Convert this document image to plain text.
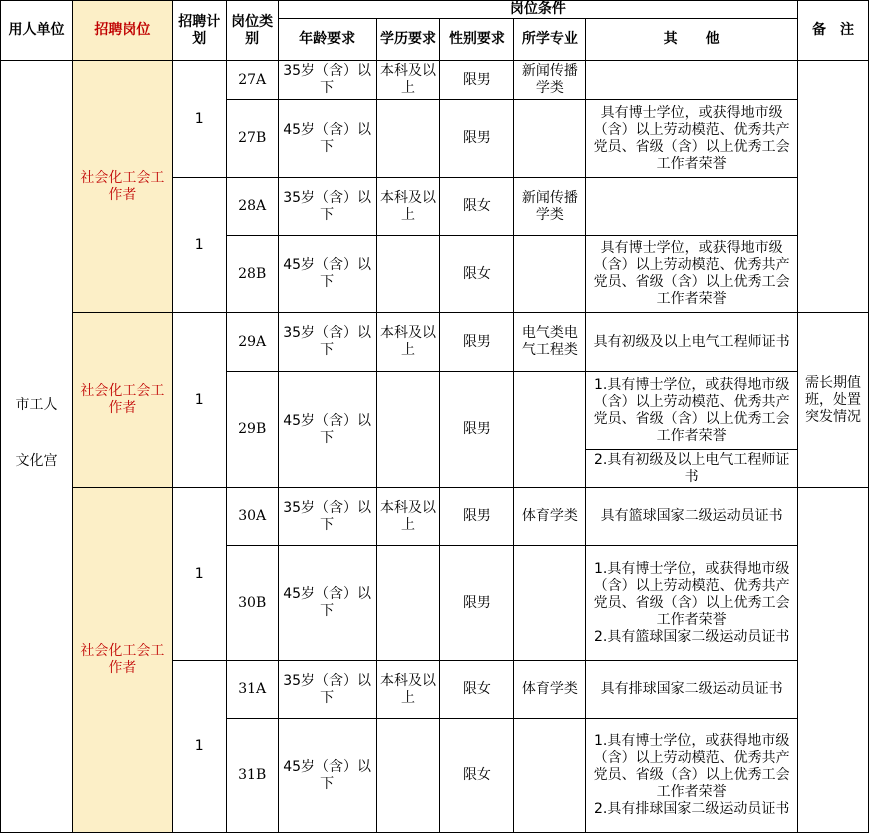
用人单位	招聘岗位	招聘计划	岗位类别	岗位条件					备　注
				年龄要求	学历要求	性别要求	所学专业	其　　他	

市工人
文化宫	社会化工会工作者	1	27A	35岁（含）以下	本科及以上	限男	新闻传播学类		
			27B	45岁（含）以下		限男		具有博士学位，或获得地市级（含）以上劳动模范、优秀共产党员、省级（含）以上优秀工会工作者荣誉	
		1	28A	35岁（含）以下	本科及以上	限女	新闻传播学类		
			28B	45岁（含）以下		限女		具有博士学位，或获得地市级（含）以上劳动模范、优秀共产党员、省级（含）以上优秀工会工作者荣誉	
	社会化工会工作者	1	29A	35岁（含）以下	本科及以上	限男	电气类电气工程类	具有初级及以上电气工程师证书	需长期值班，处置突发情况

			29B	45岁（含）以下		限男		1.具有博士学位，或获得地市级（含）以上劳动模范、优秀共产党员、省级（含）以上优秀工会工作者荣誉	
								2.具有初级及以上电气工程师证书	
	社会化工会工作者	1	30A	35岁（含）以下	本科及以上	限男	体育学类	具有篮球国家二级运动员证书	
			30B	45岁（含）以下		限男		1.具有博士学位，或获得地市级（含）以上劳动模范、优秀共产党员、省级（含）以上优秀工会工作者荣誉
2.具有篮球国家二级运动员证书	

		1	31A	35岁（含）以下	本科及以上	限女	体育学类	具有排球国家二级运动员证书	
			31B	45岁（含）以下		限女		1.具有博士学位，或获得地市级（含）以上劳动模范、优秀共产党员、省级（含）以上优秀工会工作者荣誉
2.具有排球国家二级运动员证书	
